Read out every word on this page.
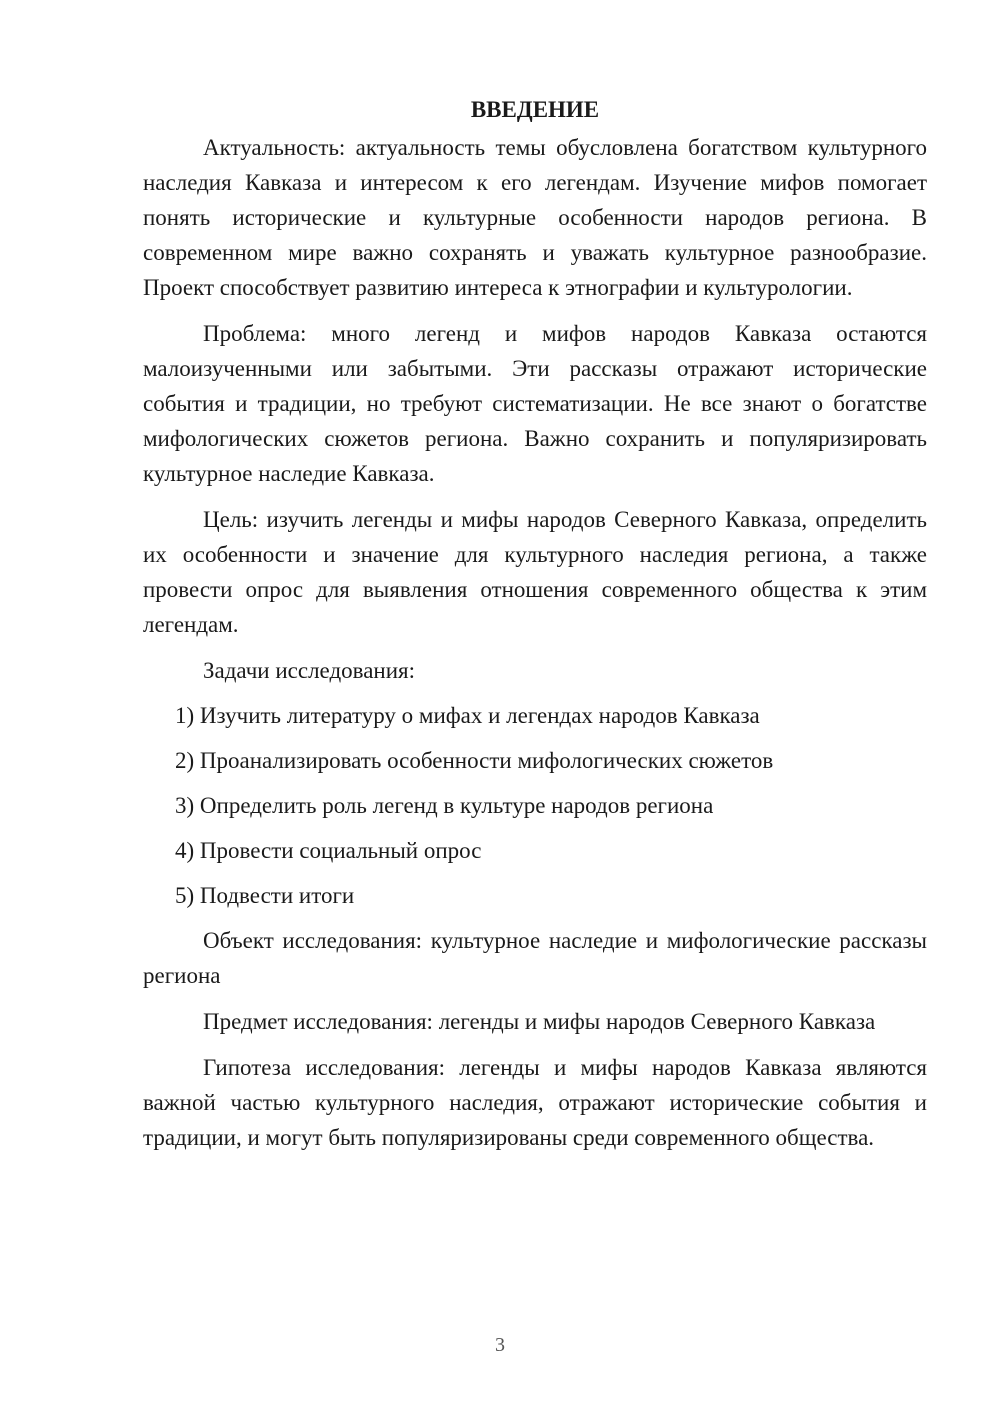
ВВЕДЕНИЕ

Актуальность: актуальность темы обусловлена богатством культурного наследия Кавказа и интересом к его легендам. Изучение мифов помогает понять исторические и культурные особенности народов региона. В современном мире важно сохранять и уважать культурное разнообразие. Проект способствует развитию интереса к этнографии и культурологии.

Проблема: много легенд и мифов народов Кавказа остаются малоизученными или забытыми. Эти рассказы отражают исторические события и традиции, но требуют систематизации. Не все знают о богатстве мифологических сюжетов региона. Важно сохранить и популяризировать культурное наследие Кавказа.

Цель: изучить легенды и мифы народов Северного Кавказа, определить их особенности и значение для культурного наследия региона, а также провести опрос для выявления отношения современного общества к этим легендам.

Задачи исследования:

1) Изучить литературу о мифах и легендах народов Кавказа

2) Проанализировать особенности мифологических сюжетов

3) Определить роль легенд в культуре народов региона

4) Провести социальный опрос

5) Подвести итоги

Объект исследования: культурное наследие и мифологические рассказы региона

Предмет исследования: легенды и мифы народов Северного Кавказа

Гипотеза исследования: легенды и мифы народов Кавказа являются важной частью культурного наследия, отражают исторические события и традиции, и могут быть популяризированы среди современного общества.

3
